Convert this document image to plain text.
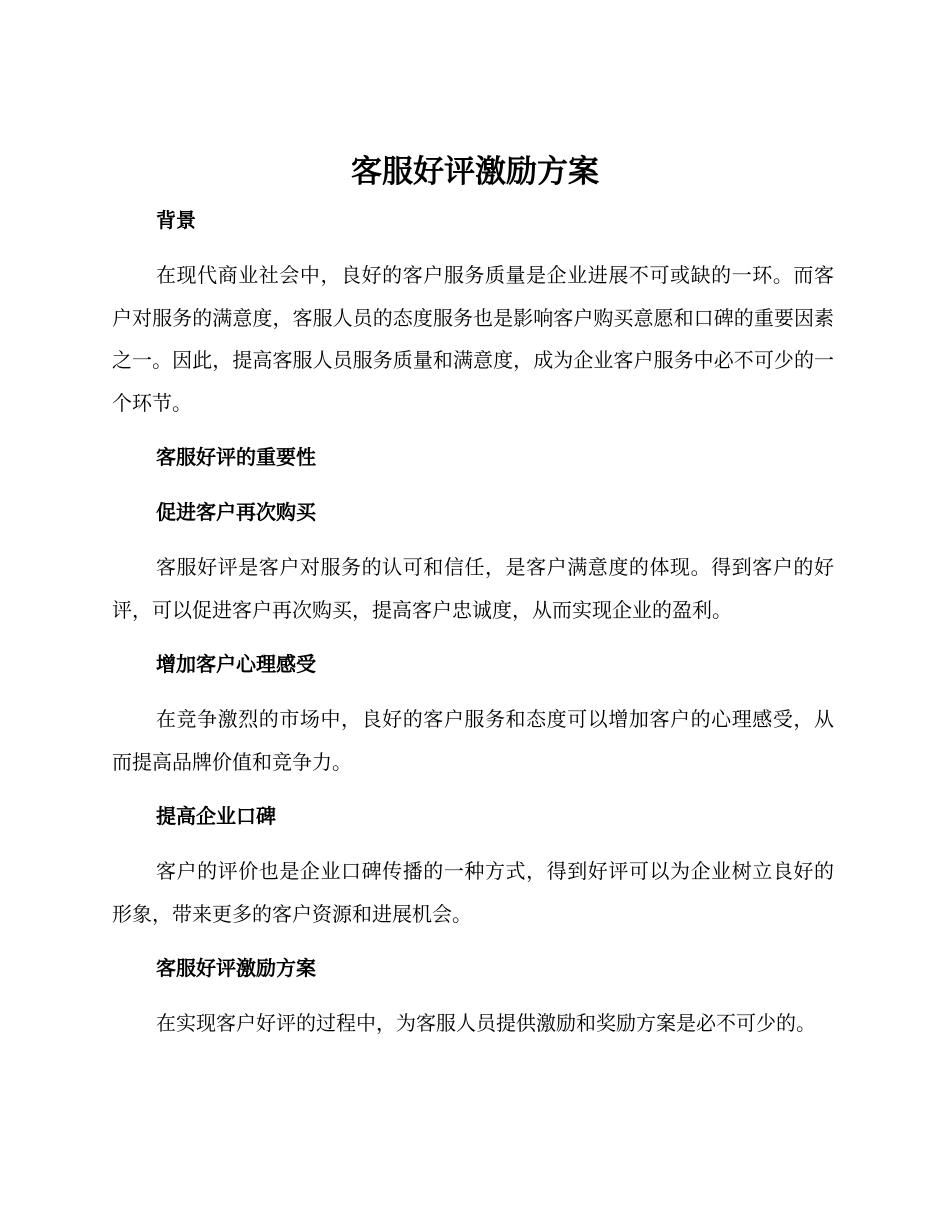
客服好评激励方案
背景
在现代商业社会中，良好的客户服务质量是企业进展不可或缺的一环。而客户对服务的满意度，客服人员的态度服务也是影响客户购买意愿和口碑的重要因素之一。因此，提高客服人员服务质量和满意度，成为企业客户服务中必不可少的一个环节。
客服好评的重要性
促进客户再次购买
客服好评是客户对服务的认可和信任，是客户满意度的体现。得到客户的好评，可以促进客户再次购买，提高客户忠诚度，从而实现企业的盈利。
增加客户心理感受
在竞争激烈的市场中，良好的客户服务和态度可以增加客户的心理感受，从而提高品牌价值和竞争力。
提高企业口碑
客户的评价也是企业口碑传播的一种方式，得到好评可以为企业树立良好的形象，带来更多的客户资源和进展机会。
客服好评激励方案
在实现客户好评的过程中，为客服人员提供激励和奖励方案是必不可少的。
